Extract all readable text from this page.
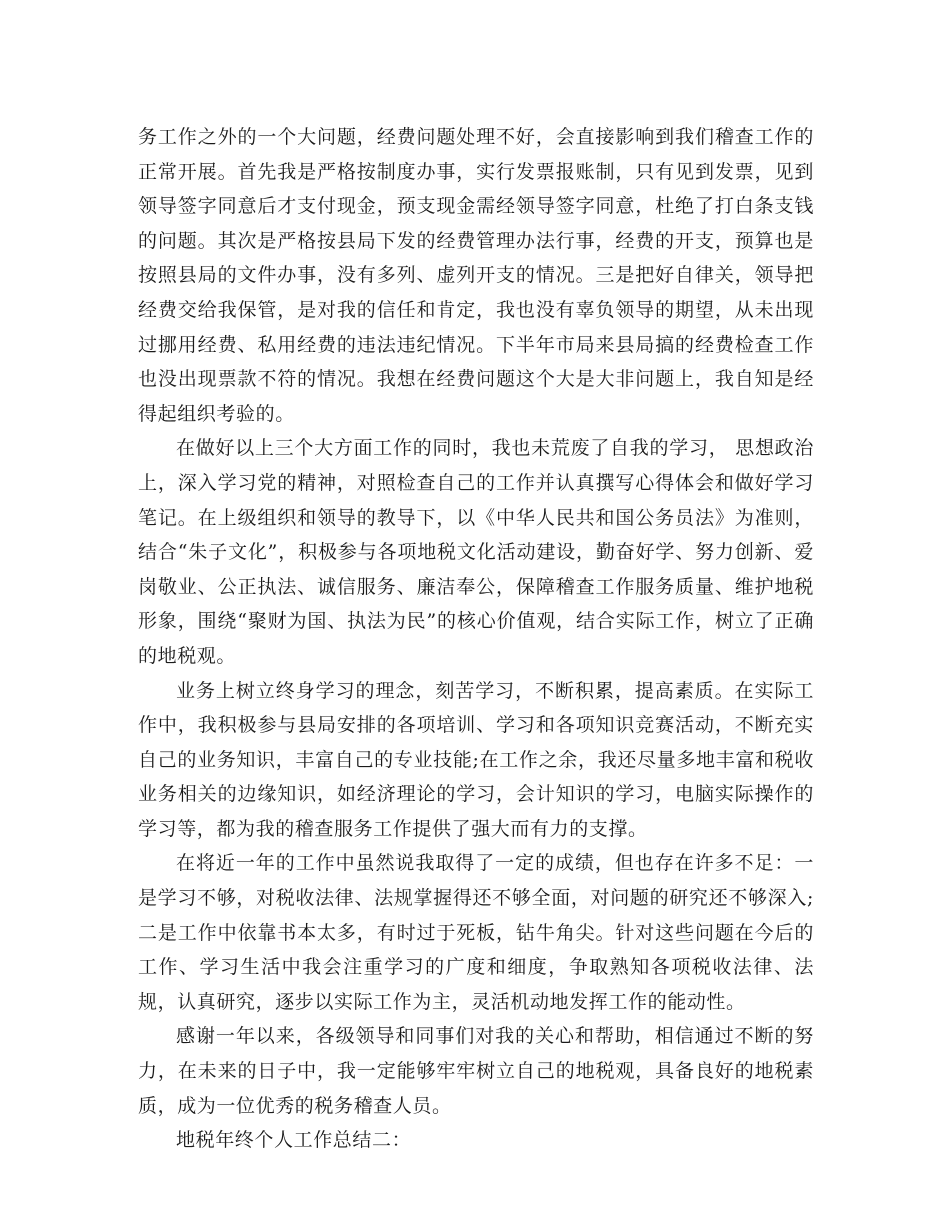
务工作之外的一个大问题，经费问题处理不好，会直接影响到我们稽查工作的正常开展。首先我是严格按制度办事，实行发票报账制，只有见到发票，见到领导签字同意后才支付现金，预支现金需经领导签字同意，杜绝了打白条支钱的问题。其次是严格按县局下发的经费管理办法行事，经费的开支，预算也是按照县局的文件办事，没有多列、虚列开支的情况。三是把好自律关，领导把经费交给我保管，是对我的信任和肯定，我也没有辜负领导的期望，从未出现过挪用经费、私用经费的违法违纪情况。下半年市局来县局搞的经费检查工作也没出现票款不符的情况。我想在经费问题这个大是大非问题上，我自知是经得起组织考验的。

在做好以上三个大方面工作的同时，我也未荒废了自我的学习， 思想政治上，深入学习党的精神，对照检查自己的工作并认真撰写心得体会和做好学习笔记。在上级组织和领导的教导下，以《中华人民共和国公务员法》为准则，结合“朱子文化”，积极参与各项地税文化活动建设，勤奋好学、努力创新、爱岗敬业、公正执法、诚信服务、廉洁奉公，保障稽查工作服务质量、维护地税形象，围绕“聚财为国、执法为民”的核心价值观，结合实际工作，树立了正确的地税观。

业务上树立终身学习的理念，刻苦学习，不断积累，提高素质。在实际工作中，我积极参与县局安排的各项培训、学习和各项知识竞赛活动，不断充实自己的业务知识，丰富自己的专业技能;在工作之余，我还尽量多地丰富和税收业务相关的边缘知识，如经济理论的学习，会计知识的学习，电脑实际操作的学习等，都为我的稽查服务工作提供了强大而有力的支撑。

在将近一年的工作中虽然说我取得了一定的成绩，但也存在许多不足：一是学习不够，对税收法律、法规掌握得还不够全面，对问题的研究还不够深入;二是工作中依靠书本太多，有时过于死板，钻牛角尖。针对这些问题在今后的工作、学习生活中我会注重学习的广度和细度，争取熟知各项税收法律、法规，认真研究，逐步以实际工作为主，灵活机动地发挥工作的能动性。

感谢一年以来，各级领导和同事们对我的关心和帮助，相信通过不断的努力，在未来的日子中，我一定能够牢牢树立自己的地税观，具备良好的地税素质，成为一位优秀的税务稽查人员。

地税年终个人工作总结二：
